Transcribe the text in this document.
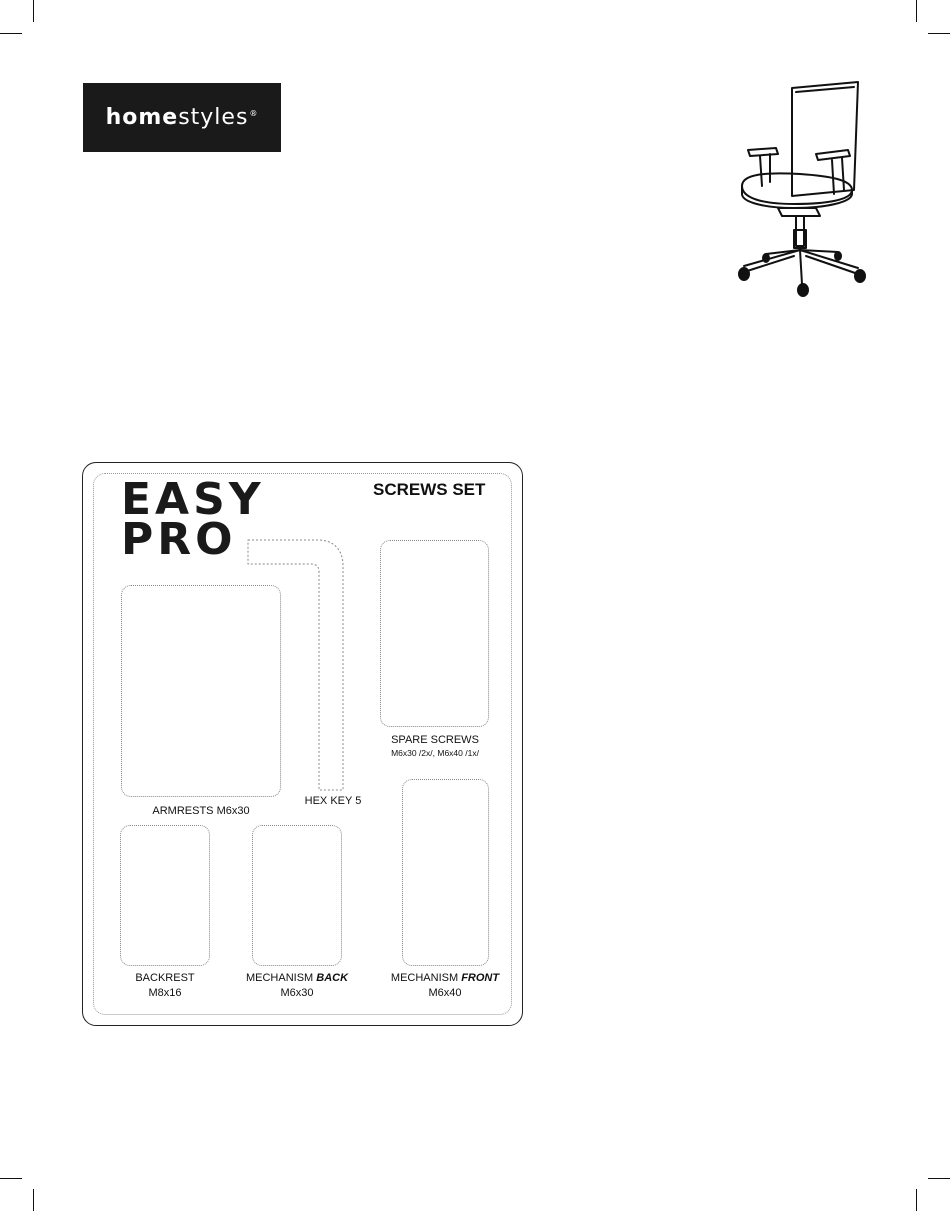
homestyles®
EASY
PRO
SCREWS SET
ARMRESTS M6x30
HEX KEY 5
SPARE SCREWS
M6x30 /2x/, M6x40 /1x/
BACKREST
M8x16
MECHANISM BACK
M6x30
MECHANISM FRONT
M6x40
